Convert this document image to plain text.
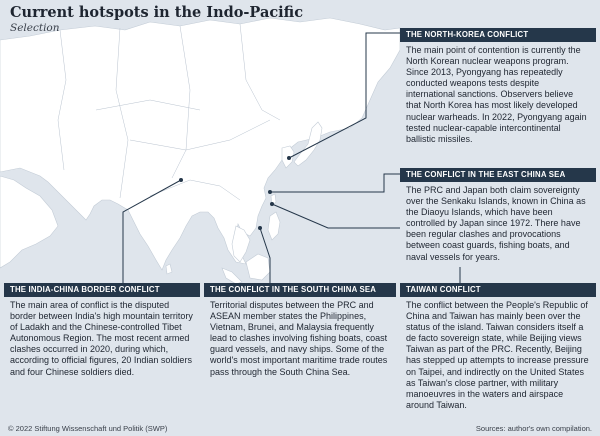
Current hotspots in the Indo-Pacific
Selection
THE NORTH-KOREA CONFLICT
The main point of contention is currently the North Korean nuclear weapons program. Since 2013, Pyongyang has repeatedly conducted weapons tests despite international sanctions. Observers believe that North Korea has most likely developed nuclear warheads. In 2022, Pyongyang again tested nuclear-capable intercontinental ballistic missiles.
THE CONFLICT IN THE EAST CHINA SEA
The PRC and Japan both claim sovereignty over the Senkaku Islands, known in China as the Diaoyu Islands, which have been controlled by Japan since 1972. There have been regular clashes and provocations between coast guards, fishing boats, and naval vessels for years.
THE INDIA-CHINA BORDER CONFLICT
The main area of conflict is the disputed border between India's high mountain territory of Ladakh and the Chinese-controlled Tibet Autonomous Region. The most recent armed clashes occurred in 2020, during which, according to official figures, 20 Indian soldiers and four Chinese soldiers died.
THE CONFLICT IN THE SOUTH CHINA SEA
Territorial disputes between the PRC and ASEAN member states the Philippines, Vietnam, Brunei, and Malaysia frequently lead to clashes involving fishing boats, coast guard vessels, and navy ships. Some of the world's most important maritime trade routes pass through the South China Sea.
TAIWAN CONFLICT
The conflict between the People's Republic of China and Taiwan has mainly been over the status of the island. Taiwan considers itself a de facto sovereign state, while Beijing views Taiwan as part of the PRC. Recently, Beijing has stepped up attempts to increase pressure on Taipei, and indirectly on the United States as Taiwan's close partner, with military manoeuvres in the waters and airspace around Taiwan.
© 2022 Stiftung Wissenschaft und Politik (SWP)	Sources: author's own compilation.
